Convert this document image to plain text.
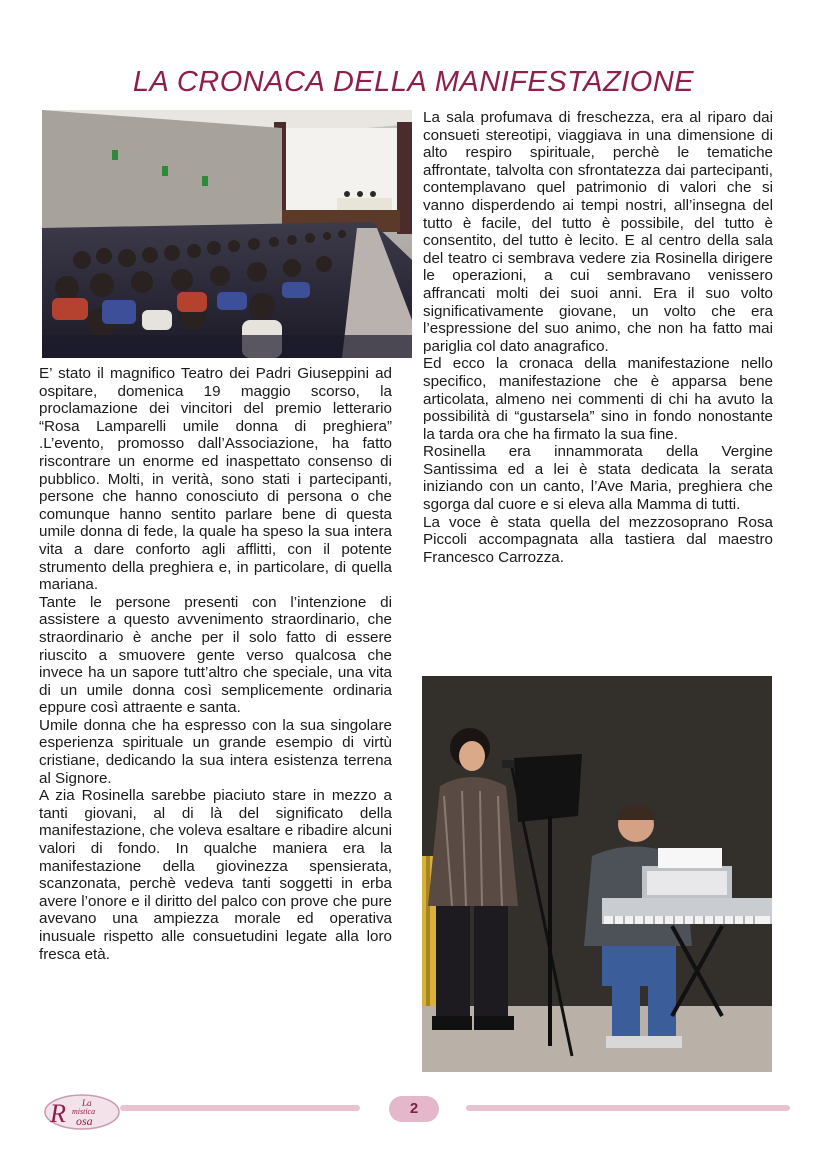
LA CRONACA DELLA MANIFESTAZIONE

E’ stato il magnifico Teatro dei Padri Giuseppini ad ospitare, domenica 19 maggio scorso, la proclamazione dei vincitori del premio letterario “Rosa Lamparelli umile donna di preghiera” .L’evento, promosso dall’Associazione, ha fatto riscontrare un enorme ed inaspettato consenso di pubblico. Molti, in verità, sono stati i partecipanti, persone che hanno conosciuto di persona o che comunque hanno sentito parlare bene di questa umile donna di fede, la quale ha speso la sua intera vita a dare conforto agli afflitti, con il potente strumento della preghiera e, in particolare, di quella mariana.

Tante le persone presenti con l’intenzione di assistere a questo avvenimento straordinario, che straordinario è anche per il solo fatto di essere riuscito a smuovere gente verso qualcosa che invece ha un sapore tutt’altro che speciale, una vita di un umile donna così semplicemente ordinaria eppure così attraente e santa.

Umile donna che ha espresso con la sua singolare esperienza spirituale un grande esempio di virtù cristiane, dedicando la sua intera esistenza terrena al Signore.

A zia Rosinella sarebbe piaciuto stare in mezzo a tanti giovani, al di là del significato della manifestazione, che voleva esaltare e ribadire alcuni valori di fondo. In qualche maniera era la manifestazione della giovinezza spensierata, scanzonata, perchè vedeva tanti soggetti in erba avere l’onore e il diritto del palco con prove che pure avevano una ampiezza morale ed operativa inusuale rispetto alle consuetudini legate alla loro fresca età.

La sala profumava di freschezza, era al riparo dai consueti stereotipi, viaggiava in una dimensione di alto respiro spirituale, perchè le tematiche affrontate, talvolta con sfrontatezza dai partecipanti, contemplavano quel patrimonio di valori che si vanno disperdendo ai tempi nostri, all’insegna del tutto è facile, del tutto è possibile, del tutto è consentito, del tutto è lecito. E al centro della sala del teatro ci sembrava vedere zia Rosinella dirigere le operazioni, a cui sembravano venissero affrancati molti dei suoi anni. Era il suo volto significativamente giovane, un volto che era l’espressione del suo animo, che non ha fatto mai pariglia col dato anagrafico.

Ed ecco la cronaca della manifestazione nello specifico, manifestazione che è apparsa bene articolata, almeno nei commenti di chi ha avuto la possibilità di “gustarsela” sino in fondo nonostante la tarda ora che ha firmato la sua fine.

Rosinella era innammorata della Vergine Santissima ed a lei è stata dedicata la serata iniziando con un canto, l’Ave Maria, preghiera che sgorga dal cuore e si eleva alla Mamma di tutti.

La voce è stata quella del mezzosoprano Rosa Piccoli accompagnata alla tastiera dal maestro Francesco Carrozza.

R La
mistica
osa
2
